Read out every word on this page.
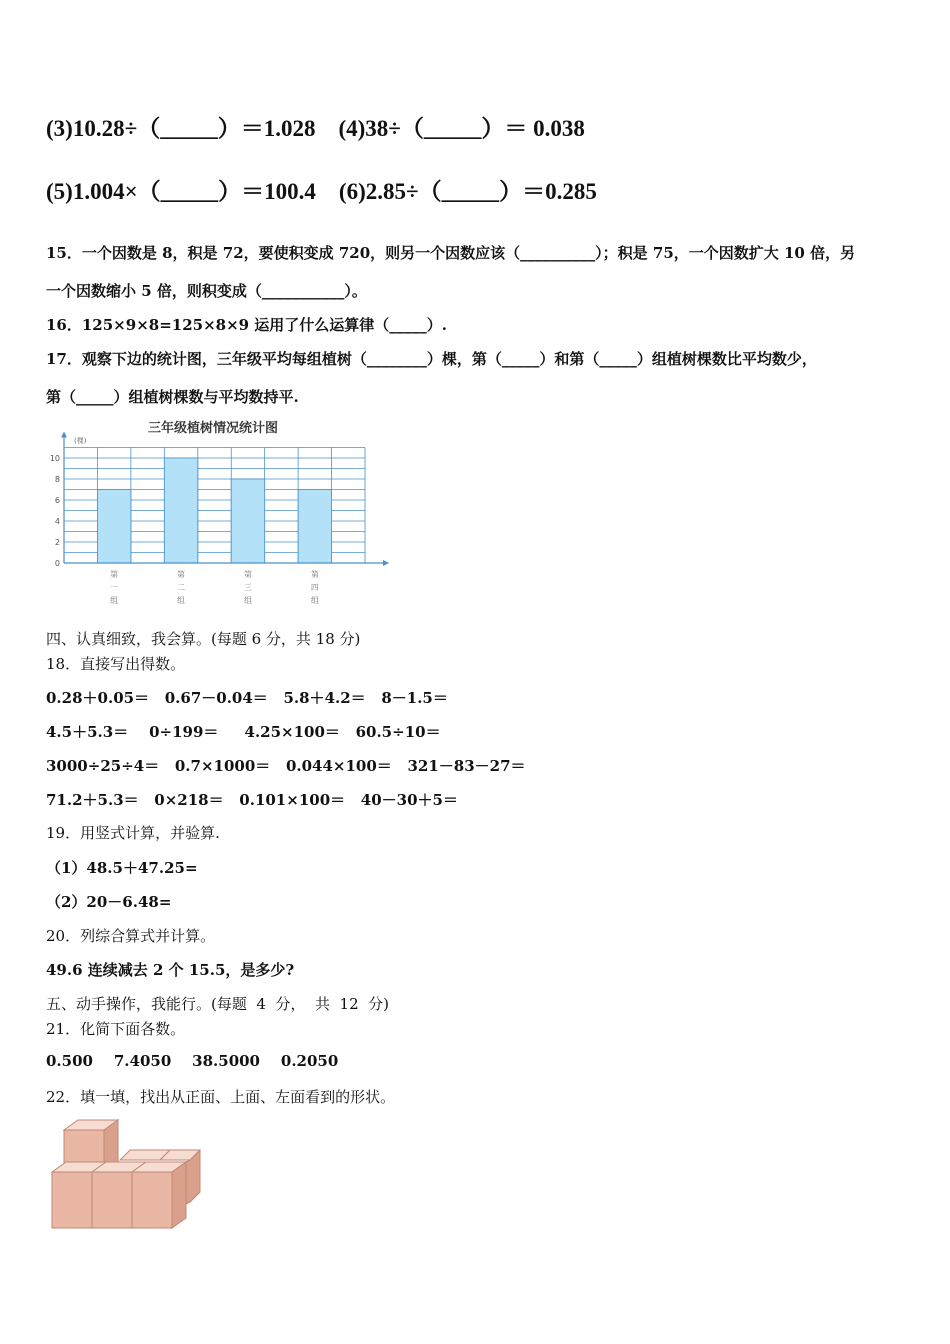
(3)10.28÷（_____）＝1.028    (4)38÷（_____）＝ 0.038
(5)1.004×（_____）＝100.4    (6)2.85÷（_____）＝0.285
15．一个因数是 8，积是 72，要使积变成 720，则另一个因数应该（__________）；积是 75，一个因数扩大 10 倍，另
一个因数缩小 5 倍，则积变成（___________）。
16．125×9×8=125×8×9 运用了什么运算律（_____）.
17．观察下边的统计图，三年级平均每组植树（________）棵，第（_____）和第（_____）组植树棵数比平均数少，
第（_____）组植树棵数与平均数持平.
三年级植树情况统计图
(棵)
0
2
4
6
8
10
第
一
组
第
二
组
第
三
组
第
四
组
四、认真细致，我会算。(每题 6 分，共 18 分)
18．直接写出得数。
0.28＋0.05＝   0.67－0.04＝   5.8＋4.2＝   8－1.5＝
4.5＋5.3＝    0÷199＝     4.25×100＝   60.5÷10＝
3000÷25÷4＝   0.7×1000＝   0.044×100＝   321－83－27＝
71.2＋5.3＝   0×218＝   0.101×100＝   40－30＋5＝
19．用竖式计算，并验算.
（1）48.5＋47.25=
（2）20－6.48=
20．列综合算式并计算。
49.6 连续减去 2 个 15.5，是多少?
五、动手操作，我能行。(每题  4  分，  共  12  分)
21．化简下面各数。
0.500    7.4050    38.5000    0.2050
22．填一填，找出从正面、上面、左面看到的形状。
